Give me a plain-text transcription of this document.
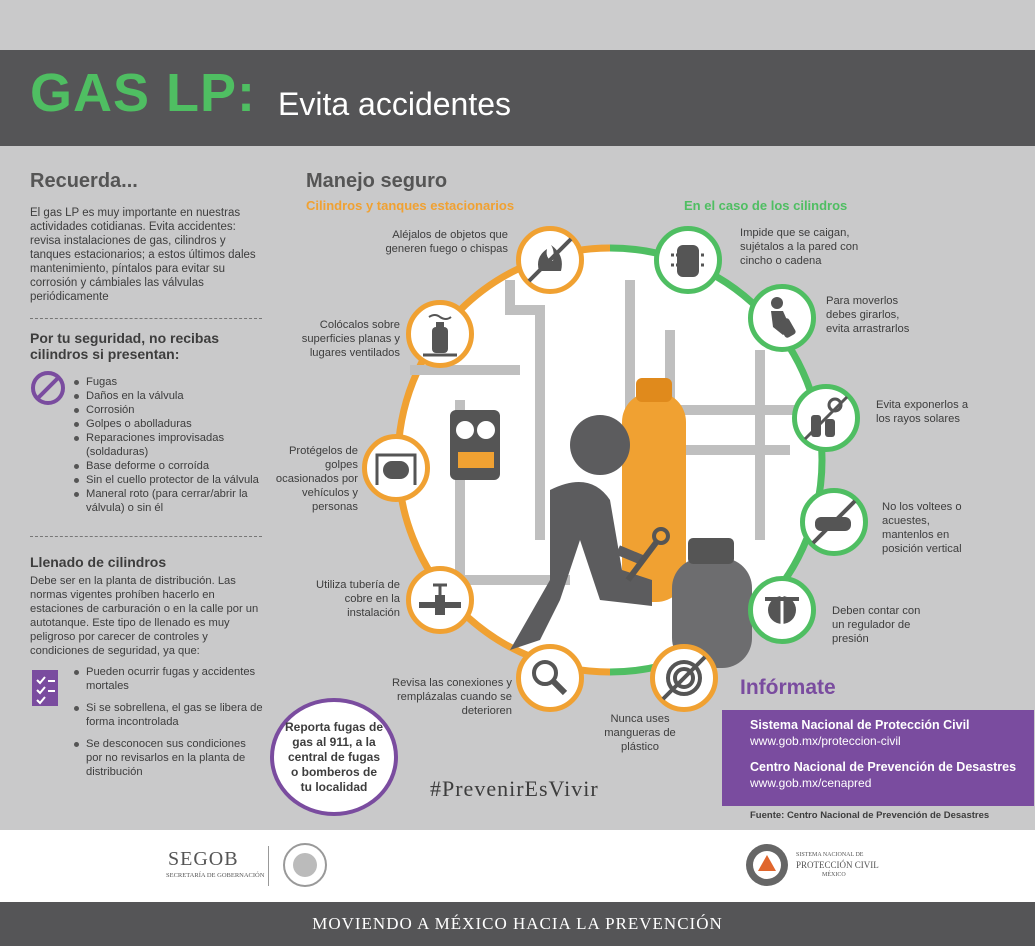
GAS LP: Evita accidentes
Recuerda...
El gas LP es muy importante en nuestras actividades cotidianas. Evita accidentes: revisa instalaciones de gas, cilindros y tanques estacionarios; a estos últimos dales mantenimiento, píntalos para evitar su corrosión y cámbiales las válvulas periódicamente
Por tu seguridad, no recibas cilindros si presentan:
Fugas
Daños en la válvula
Corrosión
Golpes o abolladuras
Reparaciones improvisadas (soldaduras)
Base deforme o corroída
Sin el cuello protector de la válvula
Maneral roto (para cerrar/abrir la válvula) o sin él
Llenado de cilindros
Debe ser en la planta de distribución. Las normas vigentes prohíben hacerlo en estaciones de carburación o en la calle por un autotanque. Este tipo de llenado es muy peligroso por carecer de controles y condiciones de seguridad, ya que:
Pueden ocurrir fugas y accidentes mortales
Si se sobrellena, el gas se libera de forma incontrolada
Se desconocen sus condiciones por no revisarlos en la planta de distribución
Manejo seguro
Cilindros y tanques estacionarios	En el caso de los cilindros
Aléjalos de objetos que generen fuego o chispas
Colócalos sobre superficies planas y lugares ventilados
Protégelos de golpes ocasionados por vehículos y personas
Utiliza tubería de cobre en la instalación
Revisa las conexiones y remplázalas cuando se deterioren
Nunca uses mangueras de plástico
Impide que se caigan, sujétalos a la pared con cincho o cadena
Para moverlos debes girarlos, evita arrastrarlos
Evita exponerlos a los rayos solares
No los voltees o acuestes, mantenlos en posición vertical
Deben contar con un regulador de presión
Reporta fugas de gas al 911, a la central de fugas o bomberos de tu localidad	#PrevenirEsVivir
Infórmate
Sistema Nacional de Protección Civil
www.gob.mx/proteccion-civil
Centro Nacional de Prevención de Desastres
www.gob.mx/cenapred
Fuente: Centro Nacional de Prevención de Desastres
SEGOB
SECRETARÍA DE GOBERNACIÓN
SISTEMA NACIONAL DE
PROTECCIÓN CIVIL
MÉXICO
MOVIENDO A MÉXICO HACIA LA PREVENCIÓN
